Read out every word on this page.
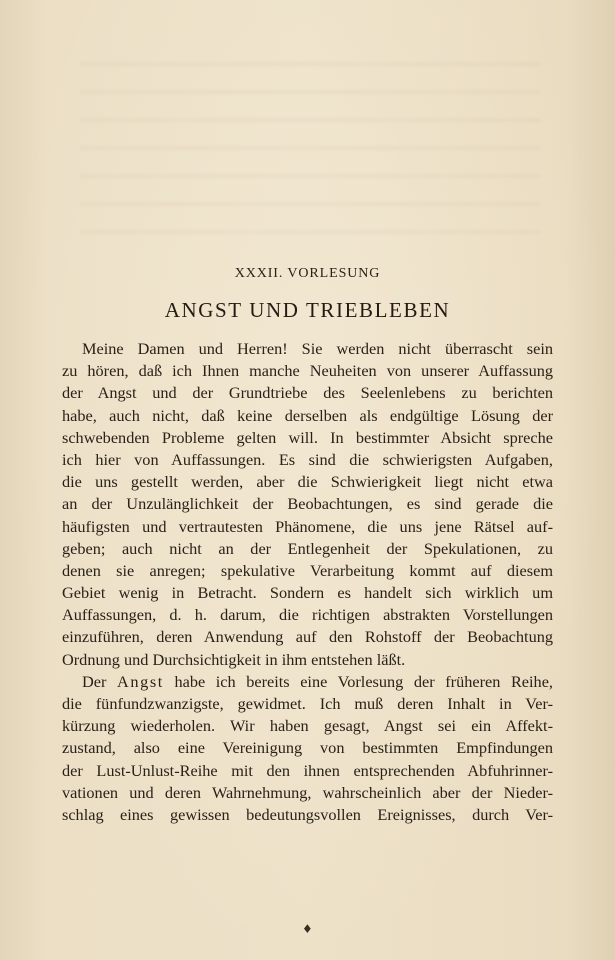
XXXII. VORLESUNG
ANGST UND TRIEBLEBEN
Meine Damen und Herren! Sie werden nicht überrascht sein
zu hören, daß ich Ihnen manche Neuheiten von unserer Auffassung
der Angst und der Grundtriebe des Seelenlebens zu berichten
habe, auch nicht, daß keine derselben als endgültige Lösung der
schwebenden Probleme gelten will. In bestimmter Absicht spreche
ich hier von Auffassungen. Es sind die schwierigsten Aufgaben,
die uns gestellt werden, aber die Schwierigkeit liegt nicht etwa
an der Unzulänglichkeit der Beobachtungen, es sind gerade die
häufigsten und vertrautesten Phänomene, die uns jene Rätsel auf-
geben; auch nicht an der Entlegenheit der Spekulationen, zu
denen sie anregen; spekulative Verarbeitung kommt auf diesem
Gebiet wenig in Betracht. Sondern es handelt sich wirklich um
Auffassungen, d. h. darum, die richtigen abstrakten Vorstellungen
einzuführen, deren Anwendung auf den Rohstoff der Beobachtung
Ordnung und Durchsichtigkeit in ihm entstehen läßt.
Der Angst habe ich bereits eine Vorlesung der früheren Reihe,
die fünfundzwanzigste, gewidmet. Ich muß deren Inhalt in Ver-
kürzung wiederholen. Wir haben gesagt, Angst sei ein Affekt-
zustand, also eine Vereinigung von bestimmten Empfindungen
der Lust-Unlust-Reihe mit den ihnen entsprechenden Abfuhrinner-
vationen und deren Wahrnehmung, wahrscheinlich aber der Nieder-
schlag eines gewissen bedeutungsvollen Ereignisses, durch Ver-
♦
